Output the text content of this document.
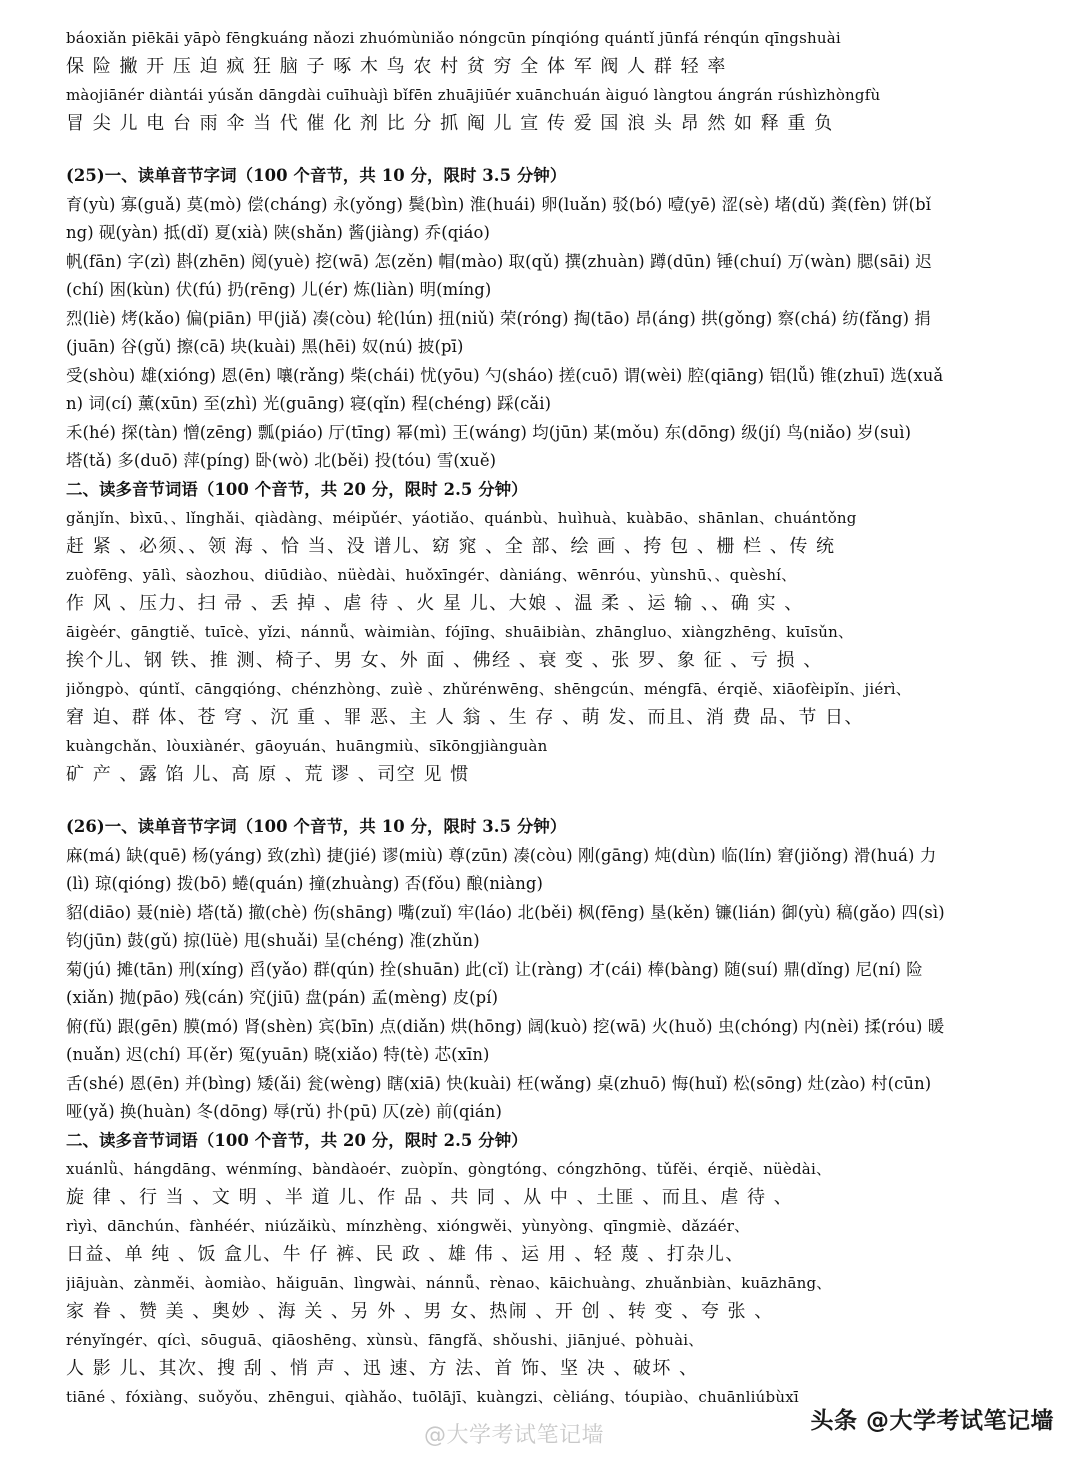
báoxiǎn piēkāi yāpò fēngkuáng nǎozi zhuómùniǎo nóngcūn pínqióng quántǐ jūnfá rénqún qīngshuài
保 险 撇 开 压 迫 疯 狂 脑 子 啄 木 鸟 农 村 贫 穷 全 体 军 阀 人 群 轻 率
màojiānér diàntái yúsǎn dāngdài cuīhuàjì bǐfēn zhuājiūér xuānchuán àiguó làngtou ángrán rúshìzhòngfù
冒 尖 儿 电 台 雨 伞 当 代 催 化 剂 比 分 抓 阄 儿 宣 传 爱 国 浪 头 昂 然 如 释 重 负
(25)一、读单音节字词（100 个音节，共 10 分，限时 3.5 分钟）
育(yù) 寡(guǎ) 莫(mò) 偿(cháng) 永(yǒng) 鬓(bìn) 淮(huái) 卵(luǎn) 驳(bó) 噎(yē) 涩(sè) 堵(dǔ) 粪(fèn) 饼(bǐ
ng) 砚(yàn) 抵(dǐ) 夏(xià) 陕(shǎn) 酱(jiàng) 乔(qiáo)
帆(fān) 字(zì) 斟(zhēn) 阅(yuè) 挖(wā) 怎(zěn) 帽(mào) 取(qǔ) 撰(zhuàn) 蹲(dūn) 锤(chuí) 万(wàn) 腮(sāi) 迟
(chí) 困(kùn) 伏(fú) 扔(rēng) 儿(ér) 炼(liàn) 明(míng)
烈(liè) 烤(kǎo) 偏(piān) 甲(jiǎ) 凑(còu) 轮(lún) 扭(niǔ) 荣(róng) 掏(tāo) 昂(áng) 拱(gǒng) 察(chá) 纺(fǎng) 捐
(juān) 谷(gǔ) 擦(cā) 块(kuài) 黑(hēi) 奴(nú) 披(pī)
受(shòu) 雄(xióng) 恩(ēn) 嚷(rǎng) 柴(chái) 忧(yōu) 勺(sháo) 搓(cuō) 谓(wèi) 腔(qiāng) 铝(lǚ) 锥(zhuī) 选(xuǎ
n) 词(cí) 薰(xūn) 至(zhì) 光(guāng) 寝(qǐn) 程(chéng) 踩(cǎi)
禾(hé) 探(tàn) 憎(zēng) 瓢(piáo) 厅(tīng) 幂(mì) 王(wáng) 均(jūn) 某(mǒu) 东(dōng) 级(jí) 鸟(niǎo) 岁(suì)
塔(tǎ) 多(duō) 萍(píng) 卧(wò) 北(běi) 投(tóu) 雪(xuě)
二、读多音节词语（100 个音节，共 20 分，限时 2.5 分钟）
gǎnjǐn、bìxū、、lǐnghǎi、qiàdàng、méipǔér、yáotiǎo、quánbù、huìhuà、kuàbāo、shānlan、chuántǒng
赶 紧 、必须、、领 海 、恰 当、没 谱儿、窈 窕 、全 部、绘 画 、挎 包 、栅 栏 、传 统
zuòfēng、yālì、sàozhou、diūdiào、nüèdài、huǒxīngér、dàniáng、wēnróu、yùnshū、、quèshí、
作 风 、压力、扫 帚 、丢 掉 、虐 待 、火 星 儿、大娘 、温 柔 、运 输 、、确 实 、
āigèér、gāngtiě、tuīcè、yǐzi、nánnǚ、wàimiàn、fójīng、shuāibiàn、zhāngluo、xiàngzhēng、kuīsǔn、
挨个儿、钢 铁、推 测、椅子、男 女、外 面 、佛经 、衰 变 、张 罗、象 征 、亏 损 、
jiǒngpò、qúntǐ、cāngqióng、chénzhòng、zuìè 、zhǔrénwēng、shēngcún、méngfā、érqiě、xiāofèipǐn、jiérì、
窘 迫、群 体、苍 穹 、沉 重 、罪 恶、主 人 翁 、生 存 、萌 发、而且、消 费 品、节 日、
kuàngchǎn、lòuxiànér、gāoyuán、huāngmiù、sīkōngjiànguàn
矿 产 、露 馅 儿、高 原 、荒 谬 、司空 见 惯
(26)一、读单音节字词（100 个音节，共 10 分，限时 3.5 分钟）
麻(má) 缺(quē) 杨(yáng) 致(zhì) 捷(jié) 谬(miù) 尊(zūn) 凑(còu) 刚(gāng) 炖(dùn) 临(lín) 窘(jiǒng) 滑(huá) 力
(lì) 琼(qióng) 拨(bō) 蜷(quán) 撞(zhuàng) 否(fǒu) 酿(niàng)
貂(diāo) 聂(niè) 塔(tǎ) 撤(chè) 伤(shāng) 嘴(zuǐ) 牢(láo) 北(běi) 枫(fēng) 垦(kěn) 镰(lián) 御(yù) 稿(gǎo) 四(sì)
钧(jūn) 鼓(gǔ) 掠(lüè) 甩(shuǎi) 呈(chéng) 准(zhǔn)
菊(jú) 摊(tān) 刑(xíng) 舀(yǎo) 群(qún) 拴(shuān) 此(cǐ) 让(ràng) 才(cái) 棒(bàng) 随(suí) 鼎(dǐng) 尼(ní) 险
(xiǎn) 抛(pāo) 残(cán) 究(jiū) 盘(pán) 孟(mèng) 皮(pí)
俯(fǔ) 跟(gēn) 膜(mó) 肾(shèn) 宾(bīn) 点(diǎn) 烘(hōng) 阔(kuò) 挖(wā) 火(huǒ) 虫(chóng) 内(nèi) 揉(róu) 暖
(nuǎn) 迟(chí) 耳(ěr) 冤(yuān) 晓(xiǎo) 特(tè) 芯(xīn)
舌(shé) 恩(ēn) 并(bìng) 矮(ǎi) 瓮(wèng) 瞎(xiā) 快(kuài) 枉(wǎng) 桌(zhuō) 悔(huǐ) 松(sōng) 灶(zào) 村(cūn)
哑(yǎ) 换(huàn) 冬(dōng) 辱(rǔ) 扑(pū) 仄(zè) 前(qián)
二、读多音节词语（100 个音节，共 20 分，限时 2.5 分钟）
xuánlǜ、hángdāng、wénmíng、bàndàoér、zuòpǐn、gòngtóng、cóngzhōng、tǔfěi、érqiě、nüèdài、
旋 律 、行 当 、文 明 、半 道 儿、作 品 、共 同 、从 中 、土匪 、而且、虐 待 、
rìyì、dānchún、fànhéér、niúzǎikù、mínzhèng、xióngwěi、yùnyòng、qīngmiè、dǎzáér、
日益、单 纯 、饭 盒儿、牛 仔 裤、民 政 、雄 伟 、运 用 、轻 蔑 、打杂儿、
jiājuàn、zànměi、àomiào、hǎiguān、lìngwài、nánnǚ、rènao、kāichuàng、zhuǎnbiàn、kuāzhāng、
家 眷 、赞 美 、奥妙 、海 关 、另 外 、男 女、热闹 、开 创 、转 变 、夸 张 、
rényǐngér、qícì、sōuguā、qiāoshēng、xùnsù、fāngfǎ、shǒushi、jiānjué、pòhuài、
人 影 儿、其次、搜 刮 、悄 声 、迅 速、方 法、首 饰、坚 决 、破坏 、
tiāné 、fóxiàng、suǒyǒu、zhēngui、qiàhǎo、tuōlājī、kuàngzi、cèliáng、tóupiào、chuānliúbùxī
@大学考试笔记墙
头条 @大学考试笔记墙
